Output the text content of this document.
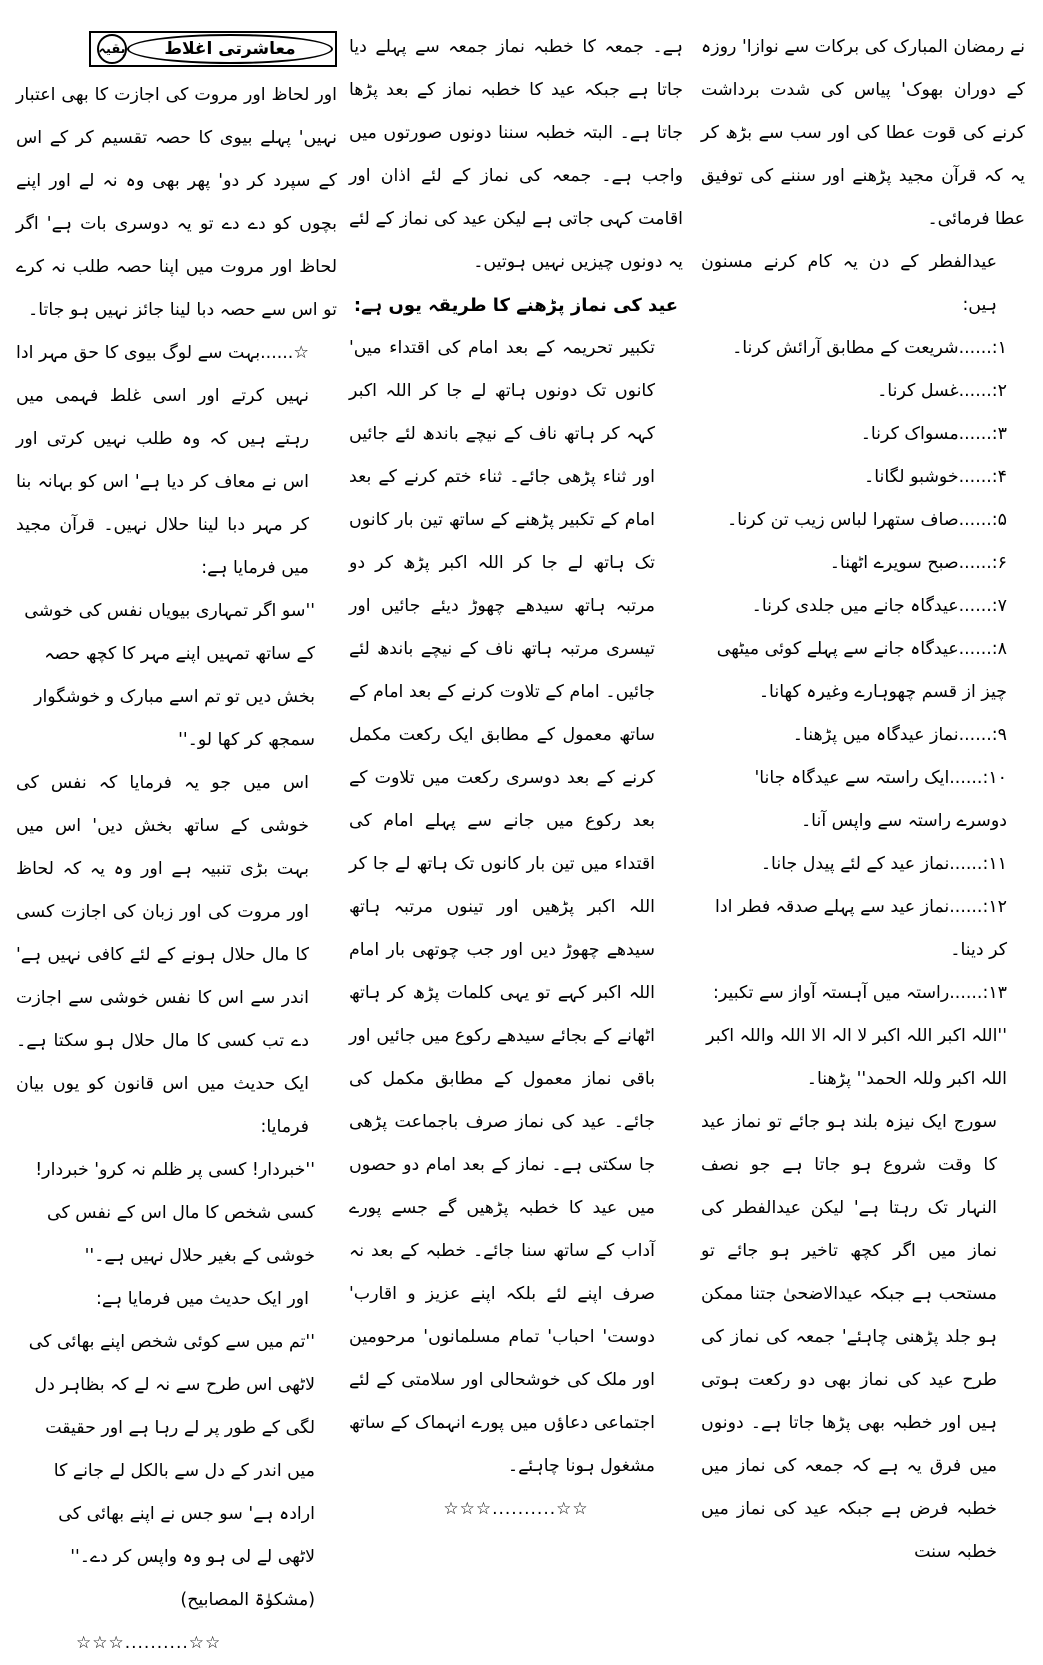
نے رمضان المبارک کی برکات سے نوازا' روزہ کے دوران بھوک' پیاس کی شدت برداشت کرنے کی قوت عطا کی اور سب سے بڑھ کر یہ کہ قرآن مجید پڑھنے اور سننے کی توفیق عطا فرمائی۔

عیدالفطر کے دن یہ کام کرنے مسنون ہیں:

۱:......شریعت کے مطابق آرائش کرنا۔

۲:......غسل کرنا۔

۳:......مسواک کرنا۔

۴:......خوشبو لگانا۔

۵:......صاف ستھرا لباس زیب تن کرنا۔

۶:......صبح سویرے اٹھنا۔

۷:......عیدگاہ جانے میں جلدی کرنا۔

۸:......عیدگاہ جانے سے پہلے کوئی میٹھی چیز از قسم چھوہارے وغیرہ کھانا۔

۹:......نماز عیدگاہ میں پڑھنا۔

۱۰:......ایک راستہ سے عیدگاہ جانا' دوسرے راستہ سے واپس آنا۔

۱۱:......نماز عید کے لئے پیدل جانا۔

۱۲:......نماز عید سے پہلے صدقہ فطر ادا کر دینا۔

۱۳:......راستہ میں آہستہ آواز سے تکبیر: ''اللہ اکبر اللہ اکبر لا الہ الا اللہ واللہ اکبر اللہ اکبر وللہ الحمد'' پڑھنا۔

سورج ایک نیزہ بلند ہو جائے تو نماز عید کا وقت شروع ہو جاتا ہے جو نصف النہار تک رہتا ہے' لیکن عیدالفطر کی نماز میں اگر کچھ تاخیر ہو جائے تو مستحب ہے جبکہ عیدالاضحیٰ جتنا ممکن ہو جلد پڑھنی چاہئے' جمعہ کی نماز کی طرح عید کی نماز بھی دو رکعت ہوتی ہیں اور خطبہ بھی پڑھا جاتا ہے۔ دونوں میں فرق یہ ہے کہ جمعہ کی نماز میں خطبہ فرض ہے جبکہ عید کی نماز میں خطبہ سنت

ہے۔ جمعہ کا خطبہ نماز جمعہ سے پہلے دیا جاتا ہے جبکہ عید کا خطبہ نماز کے بعد پڑھا جاتا ہے۔ البتہ خطبہ سننا دونوں صورتوں میں واجب ہے۔ جمعہ کی نماز کے لئے اذان اور اقامت کہی جاتی ہے لیکن عید کی نماز کے لئے یہ دونوں چیزیں نہیں ہوتیں۔

عید کی نماز پڑھنے کا طریقہ یوں ہے:

تکبیر تحریمہ کے بعد امام کی اقتداء میں' کانوں تک دونوں ہاتھ لے جا کر اللہ اکبر کہہ کر ہاتھ ناف کے نیچے باندھ لئے جائیں اور ثناء پڑھی جائے۔ ثناء ختم کرنے کے بعد امام کے تکبیر پڑھنے کے ساتھ تین بار کانوں تک ہاتھ لے جا کر اللہ اکبر پڑھ کر دو مرتبہ ہاتھ سیدھے چھوڑ دیئے جائیں اور تیسری مرتبہ ہاتھ ناف کے نیچے باندھ لئے جائیں۔ امام کے تلاوت کرنے کے بعد امام کے ساتھ معمول کے مطابق ایک رکعت مکمل کرنے کے بعد دوسری رکعت میں تلاوت کے بعد رکوع میں جانے سے پہلے امام کی اقتداء میں تین بار کانوں تک ہاتھ لے جا کر اللہ اکبر پڑھیں اور تینوں مرتبہ ہاتھ سیدھے چھوڑ دیں اور جب چوتھی بار امام اللہ اکبر کہے تو یہی کلمات پڑھ کر ہاتھ اٹھانے کے بجائے سیدھے رکوع میں جائیں اور باقی نماز معمول کے مطابق مکمل کی جائے۔ عید کی نماز صرف باجماعت پڑھی جا سکتی ہے۔ نماز کے بعد امام دو حصوں میں عید کا خطبہ پڑھیں گے جسے پورے آداب کے ساتھ سنا جائے۔ خطبہ کے بعد نہ صرف اپنے لئے بلکہ اپنے عزیز و اقارب' دوست' احباب' تمام مسلمانوں' مرحومین اور ملک کی خوشحالی اور سلامتی کے لئے اجتماعی دعاؤں میں پورے انہماک کے ساتھ مشغول ہونا چاہئے۔

☆☆..........☆☆☆

بقیہ	معاشرتی اغلاط

اور لحاظ اور مروت کی اجازت کا بھی اعتبار نہیں' پہلے بیوی کا حصہ تقسیم کر کے اس کے سپرد کر دو' پھر بھی وہ نہ لے اور اپنے بچوں کو دے دے تو یہ دوسری بات ہے' اگر لحاظ اور مروت میں اپنا حصہ طلب نہ کرے تو اس سے حصہ دبا لینا جائز نہیں ہو جاتا۔

☆......بہت سے لوگ بیوی کا حق مہر ادا نہیں کرتے اور اسی غلط فہمی میں رہتے ہیں کہ وہ طلب نہیں کرتی اور اس نے معاف کر دیا ہے' اس کو بہانہ بنا کر مہر دبا لینا حلال نہیں۔ قرآن مجید میں فرمایا ہے:

''سو اگر تمہاری بیویاں نفس کی خوشی کے ساتھ تمہیں اپنے مہر کا کچھ حصہ بخش دیں تو تم اسے مبارک و خوشگوار سمجھ کر کھا لو۔''

اس میں جو یہ فرمایا کہ نفس کی خوشی کے ساتھ بخش دیں' اس میں بہت بڑی تنبیہ ہے اور وہ یہ کہ لحاظ اور مروت کی اور زبان کی اجازت کسی کا مال حلال ہونے کے لئے کافی نہیں ہے' اندر سے اس کا نفس خوشی سے اجازت دے تب کسی کا مال حلال ہو سکتا ہے۔ ایک حدیث میں اس قانون کو یوں بیان فرمایا:

''خبردار! کسی پر ظلم نہ کرو' خبردار! کسی شخص کا مال اس کے نفس کی خوشی کے بغیر حلال نہیں ہے۔''

اور ایک حدیث میں فرمایا ہے:

''تم میں سے کوئی شخص اپنے بھائی کی لاٹھی اس طرح سے نہ لے کہ بظاہر دل لگی کے طور پر لے رہا ہے اور حقیقت میں اندر کے دل سے بالکل لے جانے کا ارادہ ہے' سو جس نے اپنے بھائی کی لاٹھی لے لی ہو وہ واپس کر دے۔'' (مشکوٰۃ المصابیح)

☆☆..........☆☆☆
